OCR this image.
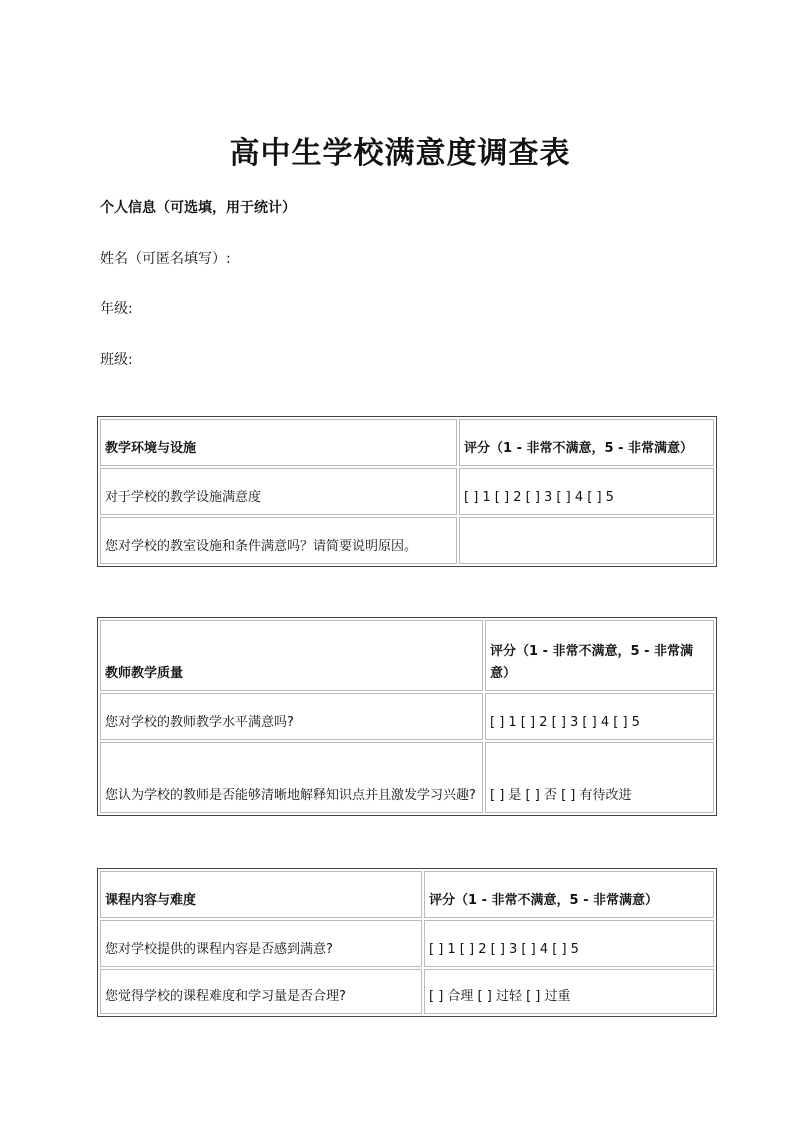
高中生学校满意度调查表

个人信息（可选填，用于统计）

姓名（可匿名填写）:

年级:

班级:

教学环境与设施	评分（1 - 非常不满意，5 - 非常满意）
对于学校的教学设施满意度	[ ] 1 [ ] 2 [ ] 3 [ ] 4 [ ] 5
您对学校的教室设施和条件满意吗？请简要说明原因。	
教师教学质量	评分（1 - 非常不满意，5 - 非常满意）
您对学校的教师教学水平满意吗?	[ ] 1 [ ] 2 [ ] 3 [ ] 4 [ ] 5
您认为学校的教师是否能够清晰地解释知识点并且激发学习兴趣?	[ ] 是 [ ] 否 [ ] 有待改进
课程内容与难度	评分（1 - 非常不满意，5 - 非常满意）
您对学校提供的课程内容是否感到满意?	[ ] 1 [ ] 2 [ ] 3 [ ] 4 [ ] 5
您觉得学校的课程难度和学习量是否合理?	[ ] 合理 [ ] 过轻 [ ] 过重
